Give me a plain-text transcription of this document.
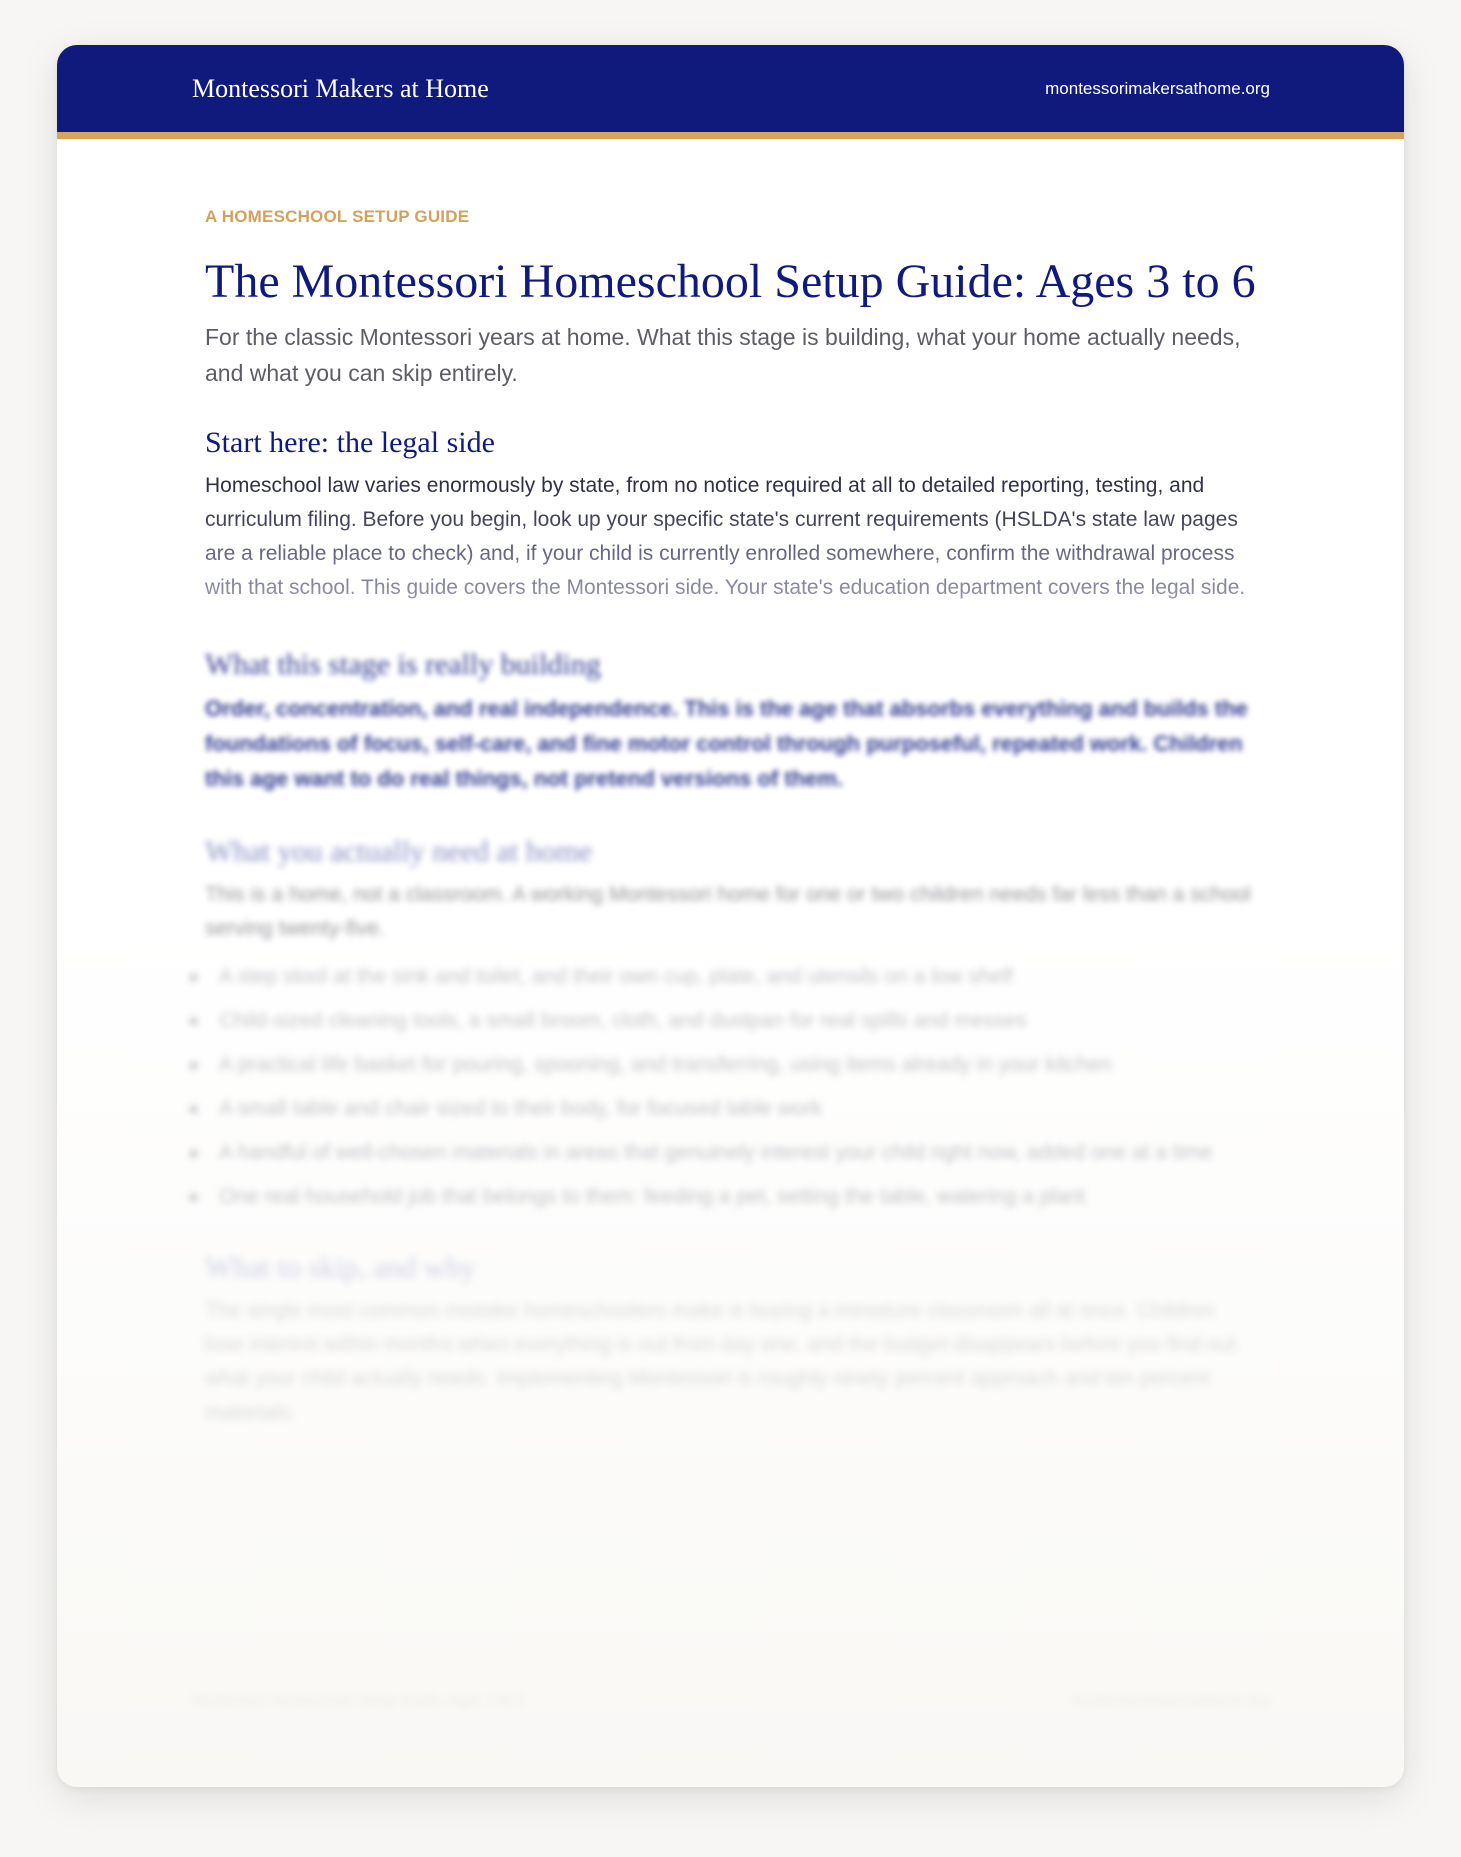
Montessori Makers at Home	montessorimakersathome.org
A HOMESCHOOL SETUP GUIDE
The Montessori Homeschool Setup Guide: Ages 3 to 6

For the classic Montessori years at home. What this stage is building, what your home actually needs, and what you can skip entirely.

Start here: the legal side

Homeschool law varies enormously by state, from no notice required at all to detailed reporting, testing, and curriculum filing. Before you begin, look up your specific state's current requirements (HSLDA's state law pages are a reliable place to check) and, if your child is currently enrolled somewhere, confirm the withdrawal process with that school. This guide covers the Montessori side. Your state's education department covers the legal side.

What this stage is really building

Order, concentration, and real independence. This is the age that absorbs everything and builds the foundations of focus, self-care, and fine motor control through purposeful, repeated work. Children this age want to do real things, not pretend versions of them.

What you actually need at home

This is a home, not a classroom. A working Montessori home for one or two children needs far less than a school serving twenty-five.

A step stool at the sink and toilet, and their own cup, plate, and utensils on a low shelf
Child-sized cleaning tools, a small broom, cloth, and dustpan for real spills and messes
A practical life basket for pouring, spooning, and transferring, using items already in your kitchen
A small table and chair sized to their body, for focused table work
A handful of well-chosen materials in areas that genuinely interest your child right now, added one at a time
One real household job that belongs to them: feeding a pet, setting the table, watering a plant
What to skip, and why

The single most common mistake homeschoolers make is buying a miniature classroom all at once. Children lose interest within months when everything is out from day one, and the budget disappears before you find out what your child actually needs. Implementing Montessori is roughly ninety percent approach and ten percent materials.

Montessori Homeschool Setup Guide, Ages 3 to 6	montessorimakersathome.org
